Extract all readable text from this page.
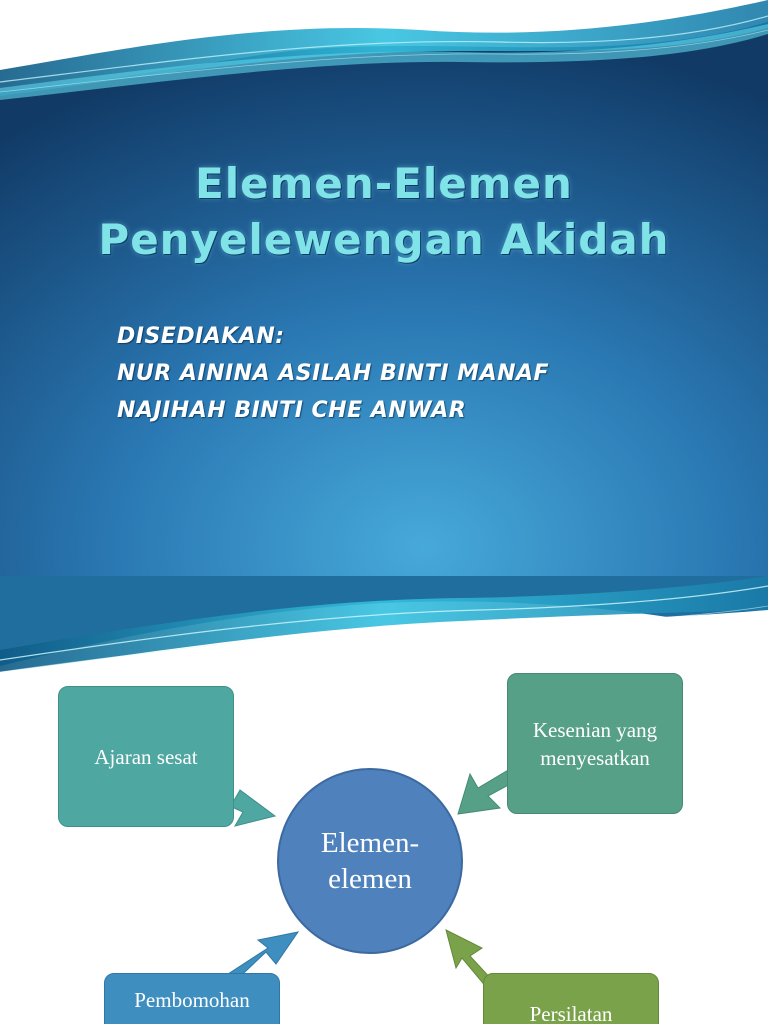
Elemen-Elemen
Penyelewengan Akidah
DISEDIAKAN:
NUR AININA ASILAH BINTI MANAF
NAJIHAH BINTI CHE ANWAR
Ajaran sesat
Kesenian yang menyesatkan
Elemen-elemen
Pembomohan
Persilatan
